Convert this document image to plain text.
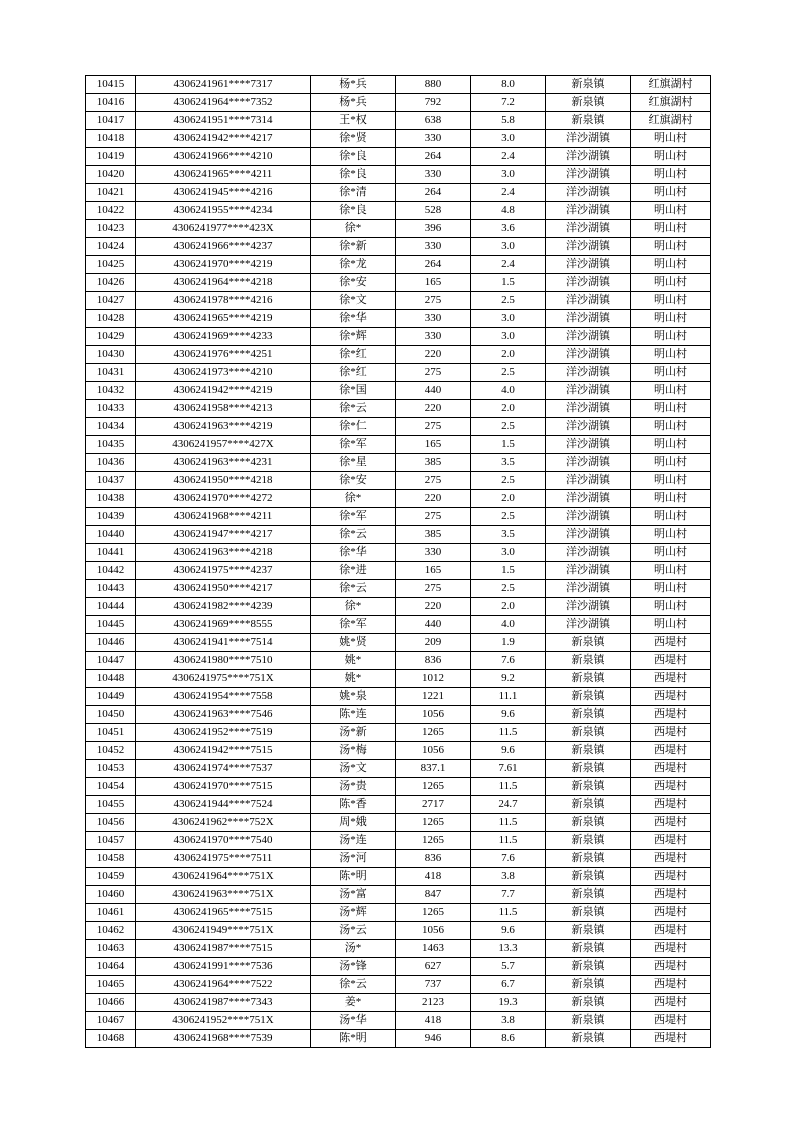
10415	4306241961****7317	杨*兵	880	8.0	新泉镇	红旗湖村
10416	4306241964****7352	杨*兵	792	7.2	新泉镇	红旗湖村
10417	4306241951****7314	王*权	638	5.8	新泉镇	红旗湖村
10418	4306241942****4217	徐*贤	330	3.0	洋沙湖镇	明山村
10419	4306241966****4210	徐*良	264	2.4	洋沙湖镇	明山村
10420	4306241965****4211	徐*良	330	3.0	洋沙湖镇	明山村
10421	4306241945****4216	徐*清	264	2.4	洋沙湖镇	明山村
10422	4306241955****4234	徐*良	528	4.8	洋沙湖镇	明山村
10423	4306241977****423X	徐*	396	3.6	洋沙湖镇	明山村
10424	4306241966****4237	徐*新	330	3.0	洋沙湖镇	明山村
10425	4306241970****4219	徐*龙	264	2.4	洋沙湖镇	明山村
10426	4306241964****4218	徐*安	165	1.5	洋沙湖镇	明山村
10427	4306241978****4216	徐*文	275	2.5	洋沙湖镇	明山村
10428	4306241965****4219	徐*华	330	3.0	洋沙湖镇	明山村
10429	4306241969****4233	徐*辉	330	3.0	洋沙湖镇	明山村
10430	4306241976****4251	徐*红	220	2.0	洋沙湖镇	明山村
10431	4306241973****4210	徐*红	275	2.5	洋沙湖镇	明山村
10432	4306241942****4219	徐*国	440	4.0	洋沙湖镇	明山村
10433	4306241958****4213	徐*云	220	2.0	洋沙湖镇	明山村
10434	4306241963****4219	徐*仁	275	2.5	洋沙湖镇	明山村
10435	4306241957****427X	徐*军	165	1.5	洋沙湖镇	明山村
10436	4306241963****4231	徐*星	385	3.5	洋沙湖镇	明山村
10437	4306241950****4218	徐*安	275	2.5	洋沙湖镇	明山村
10438	4306241970****4272	徐*	220	2.0	洋沙湖镇	明山村
10439	4306241968****4211	徐*军	275	2.5	洋沙湖镇	明山村
10440	4306241947****4217	徐*云	385	3.5	洋沙湖镇	明山村
10441	4306241963****4218	徐*华	330	3.0	洋沙湖镇	明山村
10442	4306241975****4237	徐*进	165	1.5	洋沙湖镇	明山村
10443	4306241950****4217	徐*云	275	2.5	洋沙湖镇	明山村
10444	4306241982****4239	徐*	220	2.0	洋沙湖镇	明山村
10445	4306241969****8555	徐*军	440	4.0	洋沙湖镇	明山村
10446	4306241941****7514	姚*贤	209	1.9	新泉镇	西堤村
10447	4306241980****7510	姚*	836	7.6	新泉镇	西堤村
10448	4306241975****751X	姚*	1012	9.2	新泉镇	西堤村
10449	4306241954****7558	姚*泉	1221	11.1	新泉镇	西堤村
10450	4306241963****7546	陈*连	1056	9.6	新泉镇	西堤村
10451	4306241952****7519	汤*新	1265	11.5	新泉镇	西堤村
10452	4306241942****7515	汤*梅	1056	9.6	新泉镇	西堤村
10453	4306241974****7537	汤*文	837.1	7.61	新泉镇	西堤村
10454	4306241970****7515	汤*贵	1265	11.5	新泉镇	西堤村
10455	4306241944****7524	陈*香	2717	24.7	新泉镇	西堤村
10456	4306241962****752X	周*娥	1265	11.5	新泉镇	西堤村
10457	4306241970****7540	汤*连	1265	11.5	新泉镇	西堤村
10458	4306241975****7511	汤*河	836	7.6	新泉镇	西堤村
10459	4306241964****751X	陈*明	418	3.8	新泉镇	西堤村
10460	4306241963****751X	汤*富	847	7.7	新泉镇	西堤村
10461	4306241965****7515	汤*辉	1265	11.5	新泉镇	西堤村
10462	4306241949****751X	汤*云	1056	9.6	新泉镇	西堤村
10463	4306241987****7515	汤*	1463	13.3	新泉镇	西堤村
10464	4306241991****7536	汤*锋	627	5.7	新泉镇	西堤村
10465	4306241964****7522	徐*云	737	6.7	新泉镇	西堤村
10466	4306241987****7343	姜*	2123	19.3	新泉镇	西堤村
10467	4306241952****751X	汤*华	418	3.8	新泉镇	西堤村
10468	4306241968****7539	陈*明	946	8.6	新泉镇	西堤村
